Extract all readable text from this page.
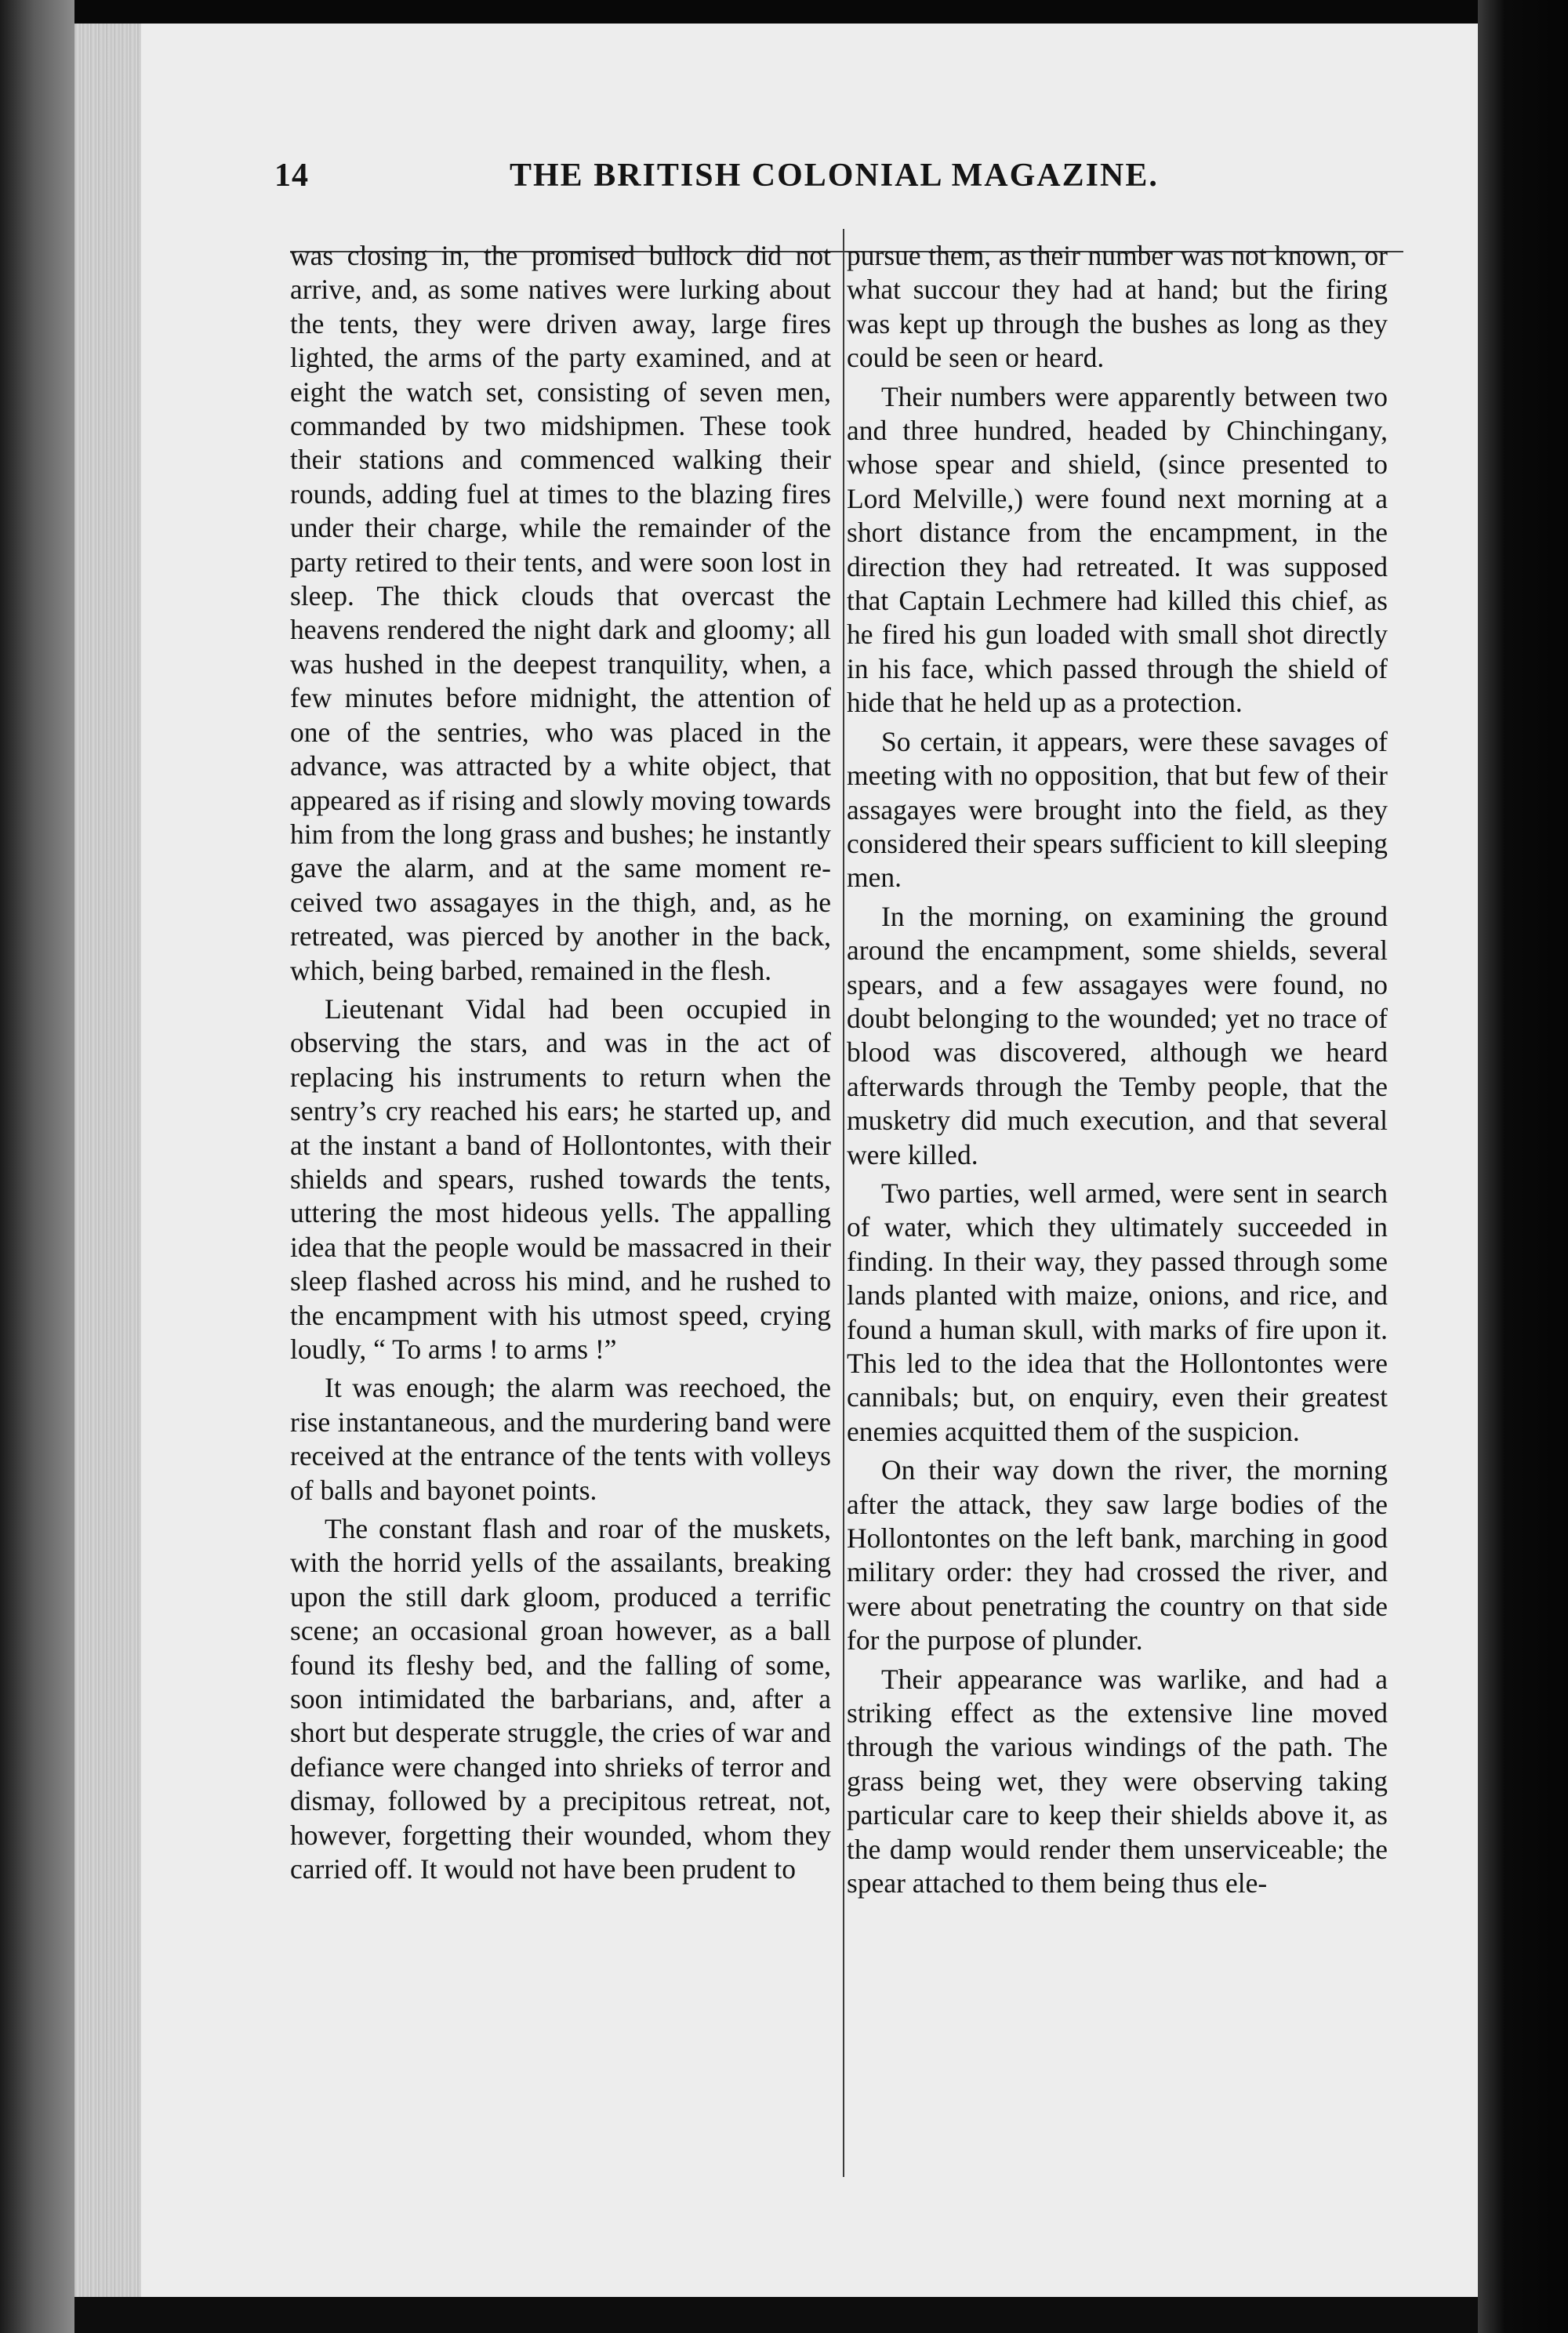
14	THE BRITISH COLONIAL MAGAZINE.

was closing in, the promised bullock did not arrive, and, as some natives were lurking about the tents, they were driven away, large fires lighted, the arms of the party examined, and at eight the watch set, consisting of seven men, commanded by two midshipmen. These took their stations and commenced walking their rounds, adding fuel at times to the blazing fires under their charge, while the remainder of the party retired to their tents, and were soon lost in sleep. The thick clouds that overcast the heavens rendered the night dark and gloomy; all was hushed in the deepest tranquility, when, a few minutes before midnight, the attention of one of the sentries, who was placed in the advance, was attracted by a white object, that appeared as if rising and slowly moving towards him from the long grass and bushes; he instantly gave the alarm, and at the same moment received two assagayes in the thigh, and, as he retreated, was pierced by another in the back, which, being barbed, remained in the flesh.

Lieutenant Vidal had been occupied in observing the stars, and was in the act of replacing his instruments to return when the sentry’s cry reached his ears; he started up, and at the instant a band of Hollontontes, with their shields and spears, rushed towards the tents, uttering the most hideous yells. The appalling idea that the people would be massacred in their sleep flashed across his mind, and he rushed to the encampment with his utmost speed, crying loudly, “ To arms ! to arms !”

It was enough; the alarm was reechoed, the rise instantaneous, and the murdering band were received at the entrance of the tents with volleys of balls and bayonet points.

The constant flash and roar of the muskets, with the horrid yells of the assailants, breaking upon the still dark gloom, produced a terrific scene; an occasional groan however, as a ball found its fleshy bed, and the falling of some, soon intimidated the barbarians, and, after a short but desperate struggle, the cries of war and defiance were changed into shrieks of terror and dismay, followed by a precipitous retreat, not, however, forgetting their wounded, whom they carried off. It would not have been prudent to

pursue them, as their number was not known, or what succour they had at hand; but the firing was kept up through the bushes as long as they could be seen or heard.

Their numbers were apparently between two and three hundred, headed by Chinchingany, whose spear and shield, (since presented to Lord Melville,) were found next morning at a short distance from the encampment, in the direction they had retreated. It was supposed that Captain Lechmere had killed this chief, as he fired his gun loaded with small shot directly in his face, which passed through the shield of hide that he held up as a protection.

So certain, it appears, were these savages of meeting with no opposition, that but few of their assagayes were brought into the field, as they considered their spears sufficient to kill sleeping men.

In the morning, on examining the ground around the encampment, some shields, several spears, and a few assagayes were found, no doubt belonging to the wounded; yet no trace of blood was discovered, although we heard afterwards through the Temby people, that the musketry did much execution, and that several were killed.

Two parties, well armed, were sent in search of water, which they ultimately succeeded in finding. In their way, they passed through some lands planted with maize, onions, and rice, and found a human skull, with marks of fire upon it. This led to the idea that the Hollontontes were cannibals; but, on enquiry, even their greatest enemies acquitted them of the suspicion.

On their way down the river, the morning after the attack, they saw large bodies of the Hollontontes on the left bank, marching in good military order: they had crossed the river, and were about penetrating the country on that side for the purpose of plunder.

Their appearance was warlike, and had a striking effect as the extensive line moved through the various windings of the path. The grass being wet, they were observing taking particular care to keep their shields above it, as the damp would render them unserviceable; the spear attached to them being thus ele-
